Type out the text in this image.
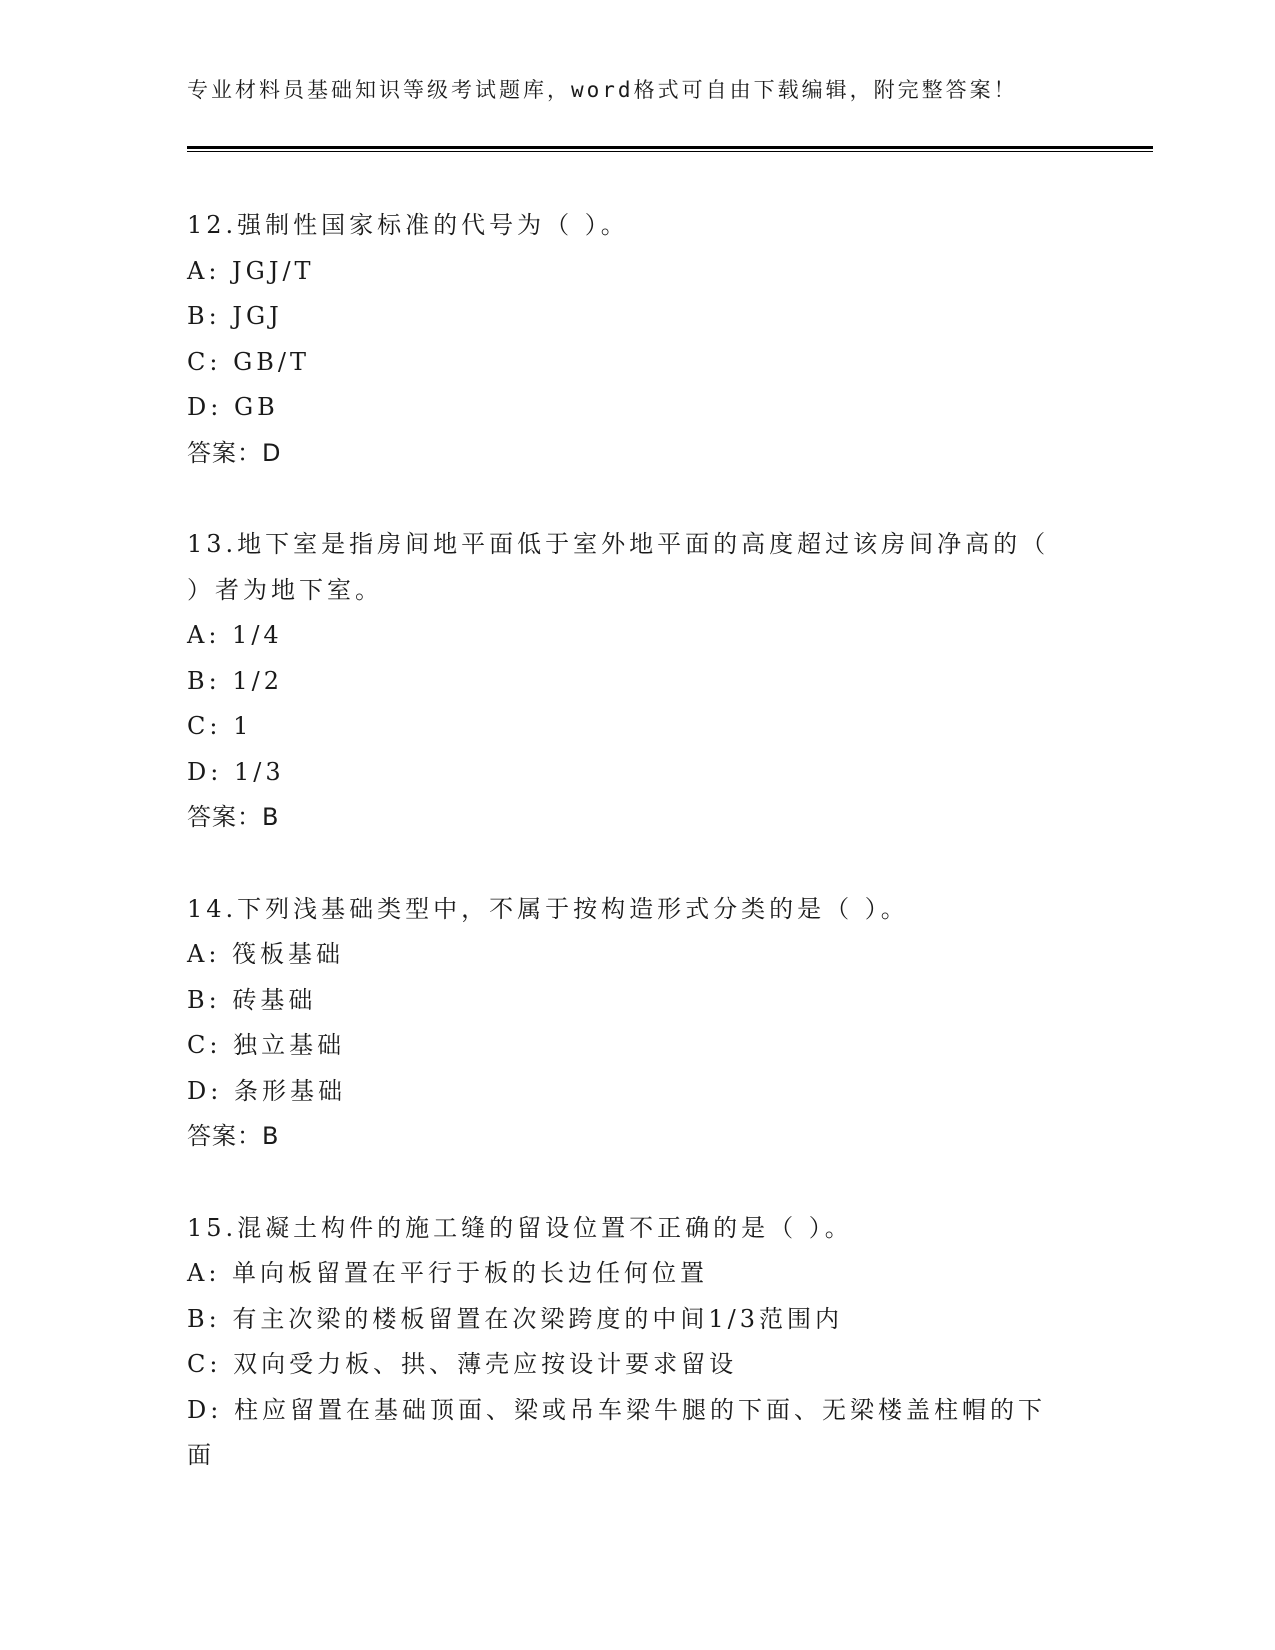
专业材料员基础知识等级考试题库，word格式可自由下载编辑，附完整答案！
12.强制性国家标准的代号为（ ）。
A: JGJ/T
B: JGJ
C: GB/T
D: GB
答案：D
13.地下室是指房间地平面低于室外地平面的高度超过该房间净高的（
）者为地下室。
A: 1/4
B: 1/2
C: 1
D: 1/3
答案：B
14.下列浅基础类型中，不属于按构造形式分类的是（ ）。
A: 筏板基础
B: 砖基础
C: 独立基础
D: 条形基础
答案：B
15.混凝土构件的施工缝的留设位置不正确的是（ ）。
A: 单向板留置在平行于板的长边任何位置
B: 有主次梁的楼板留置在次梁跨度的中间1/3范围内
C: 双向受力板、拱、薄壳应按设计要求留设
D: 柱应留置在基础顶面、梁或吊车梁牛腿的下面、无梁楼盖柱帽的下
面
